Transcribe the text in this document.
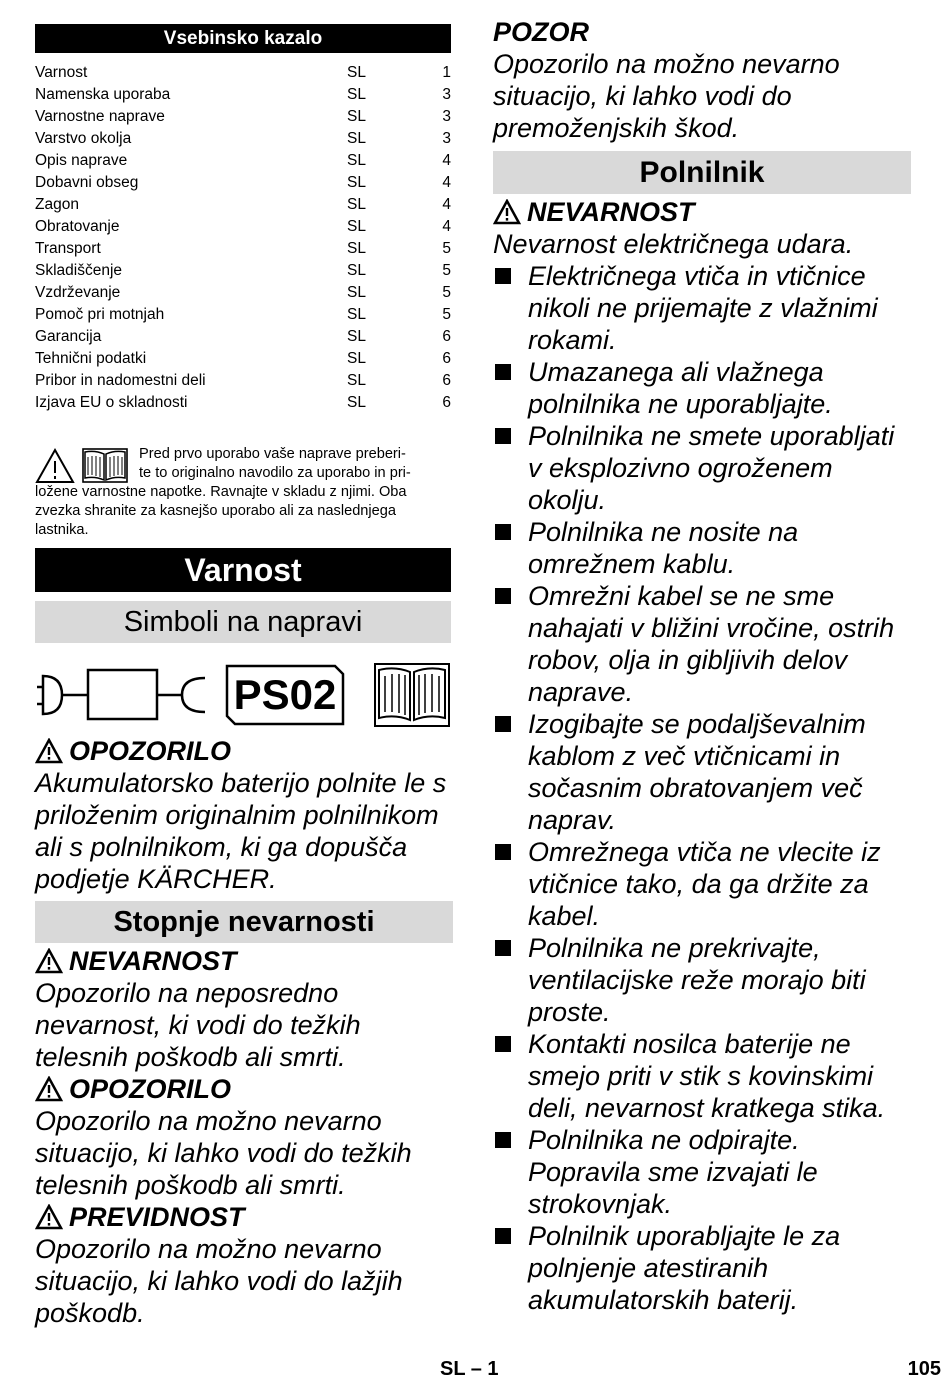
Vsebinsko kazalo
Varnost	SL	1
Namenska uporaba	SL	3
Varnostne naprave	SL	3
Varstvo okolja	SL	3
Opis naprave	SL	4
Dobavni obseg	SL	4
Zagon	SL	4
Obratovanje	SL	4
Transport	SL	5
Skladiščenje	SL	5
Vzdrževanje	SL	5
Pomoč pri motnjah	SL	5
Garancija	SL	6
Tehnični podatki	SL	6
Pribor in nadomestni deli	SL	6
Izjava EU o skladnosti	SL	6

Pred prvo uporabo vaše naprave preberi-

te to originalno navodilo za uporabo in pri-

ložene varnostne napotke. Ravnajte v skladu z njimi. Oba zvezka shranite za kasnejšo uporabo ali za naslednjega lastnika.

Varnost
Simboli na napravi
PS02
OPOZORILO
Akumulatorsko baterijo polnite le s priloženim originalnim polnilnikom ali s polnilnikom, ki ga dopušča podjetje KÄRCHER.
Stopnje nevarnosti
NEVARNOST
Opozorilo na neposredno nevarnost, ki vodi do težkih telesnih poškodb ali smrti.
OPOZORILO
Opozorilo na možno nevarno situacijo, ki lahko vodi do težkih telesnih poškodb ali smrti.
PREVIDNOST
Opozorilo na možno nevarno situacijo, ki lahko vodi do lažjih poškodb.
POZOR
Opozorilo na možno nevarno situacijo, ki lahko vodi do premoženjskih škod.
Polnilnik
NEVARNOST
Nevarnost električnega udara.
Električnega vtiča in vtičnice nikoli ne prijemajte z vlažnimi rokami.
Umazanega ali vlažnega polnilnika ne uporabljajte.
Polnilnika ne smete uporabljati v eksplozivno ogroženem okolju.
Polnilnika ne nosite na omrežnem kablu.
Omrežni kabel se ne sme nahajati v bližini vročine, ostrih robov, olja in gibljivih delov naprave.
Izogibajte se podaljševalnim kablom z več vtičnicami in sočasnim obratovanjem več naprav.
Omrežnega vtiča ne vlecite iz vtičnice tako, da ga držite za kabel.
Polnilnika ne prekrivajte, ventilacijske reže morajo biti proste.
Kontakti nosilca baterije ne smejo priti v stik s kovinskimi deli, nevarnost kratkega stika.
Polnilnika ne odpirajte. Popravila sme izvajati le strokovnjak.
Polnilnik uporabljajte le za polnjenje atestiranih akumulatorskih baterij.
SL – 1	105
